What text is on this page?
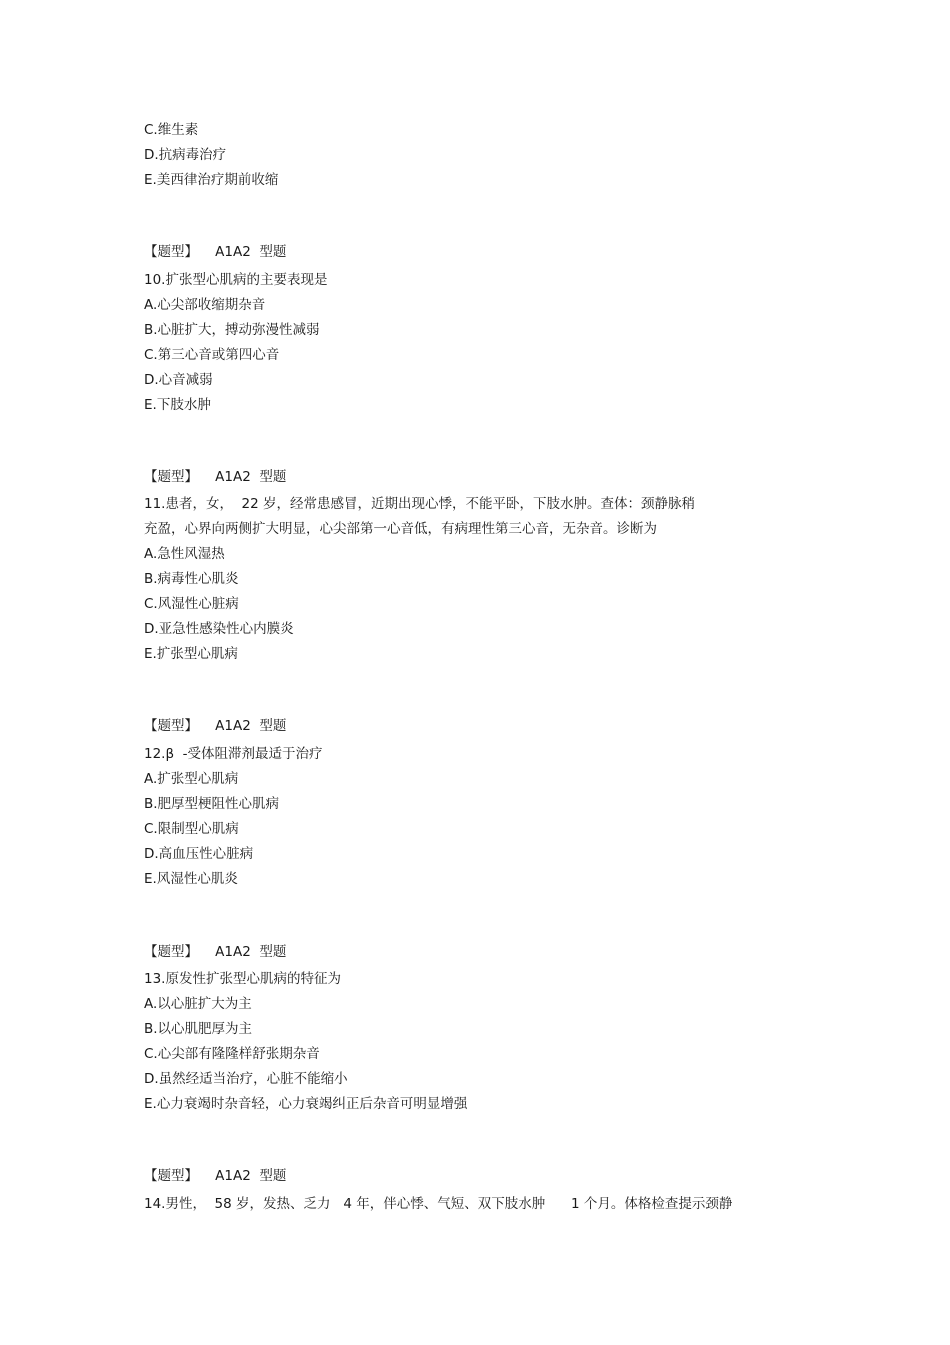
C.维生素
D.抗病毒治疗
E.美西律治疗期前收缩
【题型】    A1A2  型题
10.扩张型心肌病的主要表现是
A.心尖部收缩期杂音
B.心脏扩大，搏动弥漫性减弱
C.第三心音或第四心音
D.心音减弱
E.下肢水肿
【题型】    A1A2  型题
11.患者，女，  22 岁，经常患感冒，近期出现心悸，不能平卧，下肢水肿。查体：颈静脉稍
充盈，心界向两侧扩大明显，心尖部第一心音低，有病理性第三心音，无杂音。诊断为
A.急性风湿热
B.病毒性心肌炎
C.风湿性心脏病
D.亚急性感染性心内膜炎
E.扩张型心肌病
【题型】    A1A2  型题
12.β  -受体阻滞剂最适于治疗
A.扩张型心肌病
B.肥厚型梗阻性心肌病
C.限制型心肌病
D.高血压性心脏病
E.风湿性心肌炎
【题型】    A1A2  型题
13.原发性扩张型心肌病的特征为
A.以心脏扩大为主
B.以心肌肥厚为主
C.心尖部有隆隆样舒张期杂音
D.虽然经适当治疗，心脏不能缩小
E.心力衰竭时杂音轻，心力衰竭纠正后杂音可明显增强
【题型】    A1A2  型题
14.男性，  58 岁，发热、乏力   4 年，伴心悸、气短、双下肢水肿      1 个月。体格检查提示颈静
